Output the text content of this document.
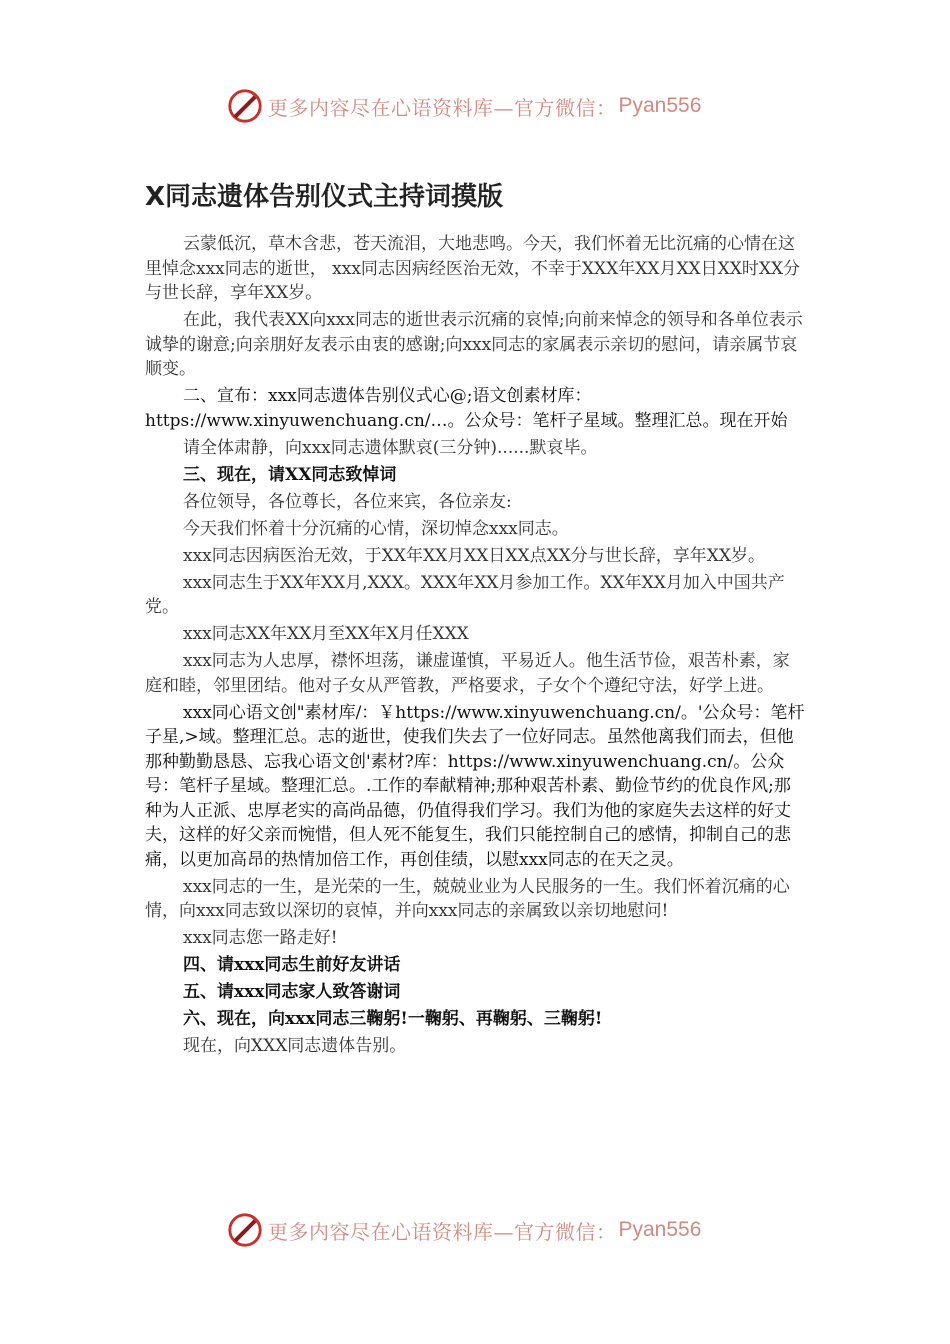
更多内容尽在心语资料库—官方微信： Pyan556
X同志遗体告别仪式主持词摸版

云蒙低沉，草木含悲，苍天流泪，大地悲鸣。今天，我们怀着无比沉痛的心情在这里悼念xxx同志的逝世， xxx同志因病经医治无效，不幸于XXX年XX月XX日XX时XX分与世长辞，享年XX岁。

在此，我代表XX向xxx同志的逝世表示沉痛的哀悼;向前来悼念的领导和各单位表示诚挚的谢意;向亲朋好友表示由衷的感谢;向xxx同志的家属表示亲切的慰问，请亲属节哀顺变。

二、宣布：xxx同志遗体告别仪式心@;语文创素材库：https://www.xinyuwenchuang.cn/…。公众号：笔杆子星域。整理汇总。现在开始

请全体肃静，向xxx同志遗体默哀(三分钟)......默哀毕。

三、现在，请XX同志致悼词

各位领导，各位尊长，各位来宾，各位亲友:

今天我们怀着十分沉痛的心情，深切悼念xxx同志。

xxx同志因病医治无效，于XX年XX月XX日XX点XX分与世长辞，享年XX岁。

xxx同志生于XX年XX月,XXX。XXX年XX月参加工作。XX年XX月加入中国共产党。

xxx同志XX年XX月至XX年X月任XXX

xxx同志为人忠厚，襟怀坦荡，谦虚谨慎，平易近人。他生活节俭，艰苦朴素，家庭和睦，邻里团结。他对子女从严管教，严格要求，子女个个遵纪守法，好学上进。

xxx同心语文创"素材库/：￥https://www.xinyuwenchuang.cn/。'公众号：笔杆子星,>域。整理汇总。志的逝世，使我们失去了一位好同志。虽然他离我们而去，但他那种勤勤恳恳、忘我心语文创'素材?库：https://www.xinyuwenchuang.cn/。公众号：笔杆子星域。整理汇总。.工作的奉献精神;那种艰苦朴素、勤俭节约的优良作风;那种为人正派、忠厚老实的高尚品德，仍值得我们学习。我们为他的家庭失去这样的好丈夫，这样的好父亲而惋惜，但人死不能复生，我们只能控制自己的感情，抑制自己的悲痛，以更加高昂的热情加倍工作，再创佳绩，以慰xxx同志的在天之灵。

xxx同志的一生，是光荣的一生，兢兢业业为人民服务的一生。我们怀着沉痛的心情，向xxx同志致以深切的哀悼，并向xxx同志的亲属致以亲切地慰问!

xxx同志您一路走好!

四、请xxx同志生前好友讲话

五、请xxx同志家人致答谢词

六、现在，向xxx同志三鞠躬!一鞠躬、再鞠躬、三鞠躬!

现在，向XXX同志遗体告别。

更多内容尽在心语资料库—官方微信： Pyan556
